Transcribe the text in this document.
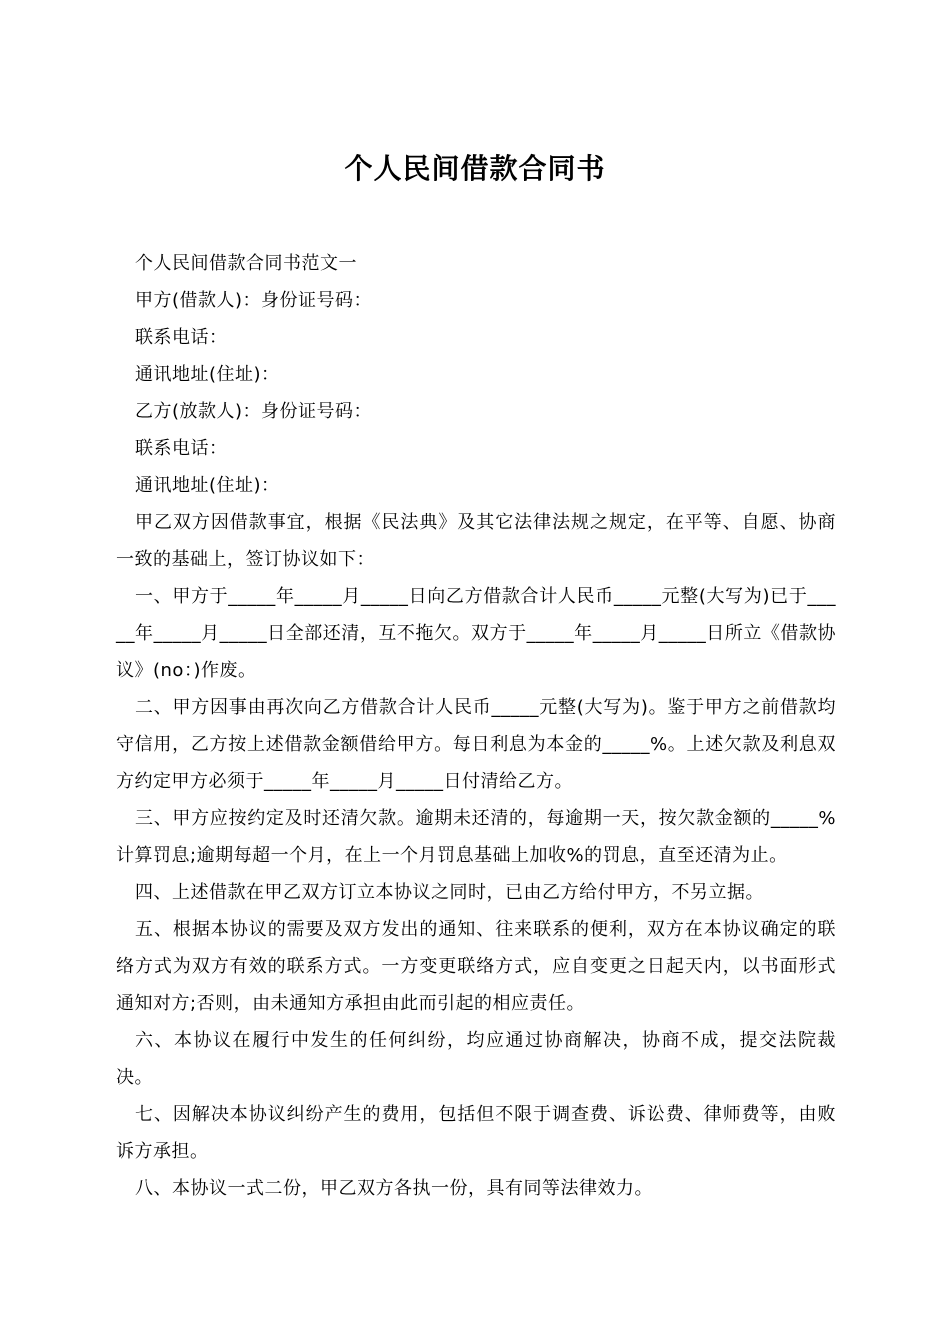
个人民间借款合同书

个人民间借款合同书范文一

甲方(借款人)：身份证号码：

联系电话：

通讯地址(住址)：

乙方(放款人)：身份证号码：

联系电话：

通讯地址(住址)：

甲乙双方因借款事宜，根据《民法典》及其它法律法规之规定，在平等、自愿、协商一致的基础上，签订协议如下：

一、甲方于_____年_____月_____日向乙方借款合计人民币_____元整(大写为)已于_____年_____月_____日全部还清，互不拖欠。双方于_____年_____月_____日所立《借款协议》(no：)作废。

二、甲方因事由再次向乙方借款合计人民币_____元整(大写为)。鉴于甲方之前借款均守信用，乙方按上述借款金额借给甲方。每日利息为本金的_____%。上述欠款及利息双方约定甲方必须于_____年_____月_____日付清给乙方。

三、甲方应按约定及时还清欠款。逾期未还清的，每逾期一天，按欠款金额的_____%计算罚息;逾期每超一个月，在上一个月罚息基础上加收%的罚息，直至还清为止。

四、上述借款在甲乙双方订立本协议之同时，已由乙方给付甲方，不另立据。

五、根据本协议的需要及双方发出的通知、往来联系的便利，双方在本协议确定的联络方式为双方有效的联系方式。一方变更联络方式，应自变更之日起天内，以书面形式通知对方;否则，由未通知方承担由此而引起的相应责任。

六、本协议在履行中发生的任何纠纷，均应通过协商解决，协商不成，提交法院裁决。

七、因解决本协议纠纷产生的费用，包括但不限于调查费、诉讼费、律师费等，由败诉方承担。

八、本协议一式二份，甲乙双方各执一份，具有同等法律效力。
